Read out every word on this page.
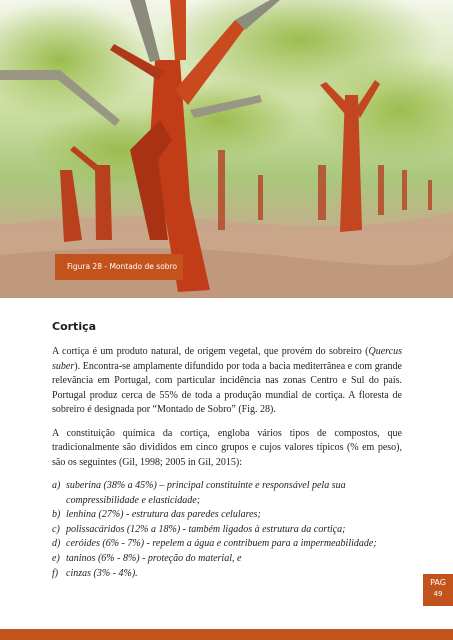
Figura 28 - Montado de sobro
Cortiça

A cortiça é um produto natural, de origem vegetal, que provém do sobreiro (Quercus suber). Encontra-se amplamente difundido por toda a bacia mediterrânea e com grande relevância em Portugal, com particular incidência nas zonas Centro e Sul do país. Portugal produz cerca de 55% de toda a produção mundial de cortiça. A floresta de sobreiro é designada por “Montado de Sobro” (Fig. 28).

A constituição química da cortiça, engloba vários tipos de compostos, que tradicionalmente são divididos em cinco grupos e cujos valores típicos (% em peso), são os seguintes (Gil, 1998; 2005 in Gil, 2015):

a) suberina (38% a 45%) – principal constituinte e responsável pela sua compressibilidade e elasticidade;
b) lenhina (27%) - estrutura das paredes celulares;
c) polissacáridos (12% a 18%) - também ligados à estrutura da cortiça;
d) ceróides (6% - 7%) - repelem a água e contribuem para a impermeabilidade;
e) taninos (6% - 8%) - proteção do material, e
f) cinzas (3% - 4%).
PAG
49
